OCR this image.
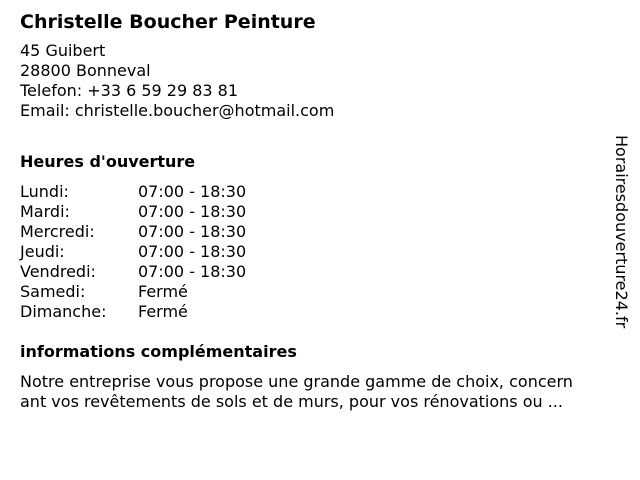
Christelle Boucher Peinture
45 Guibert
28800 Bonneval
Telefon: +33 6 59 29 83 81
Email: christelle.boucher@hotmail.com
Heures d'ouverture
Lundi:	07:00 - 18:30
Mardi:	07:00 - 18:30
Mercredi:	07:00 - 18:30
Jeudi:	07:00 - 18:30
Vendredi:	07:00 - 18:30
Samedi:	Fermé
Dimanche:	Fermé
informations complémentaires
Notre entreprise vous propose une grande gamme de choix, concern
ant vos revêtements de sols et de murs, pour vos rénovations ou ...
Horairesdouverture24.fr
